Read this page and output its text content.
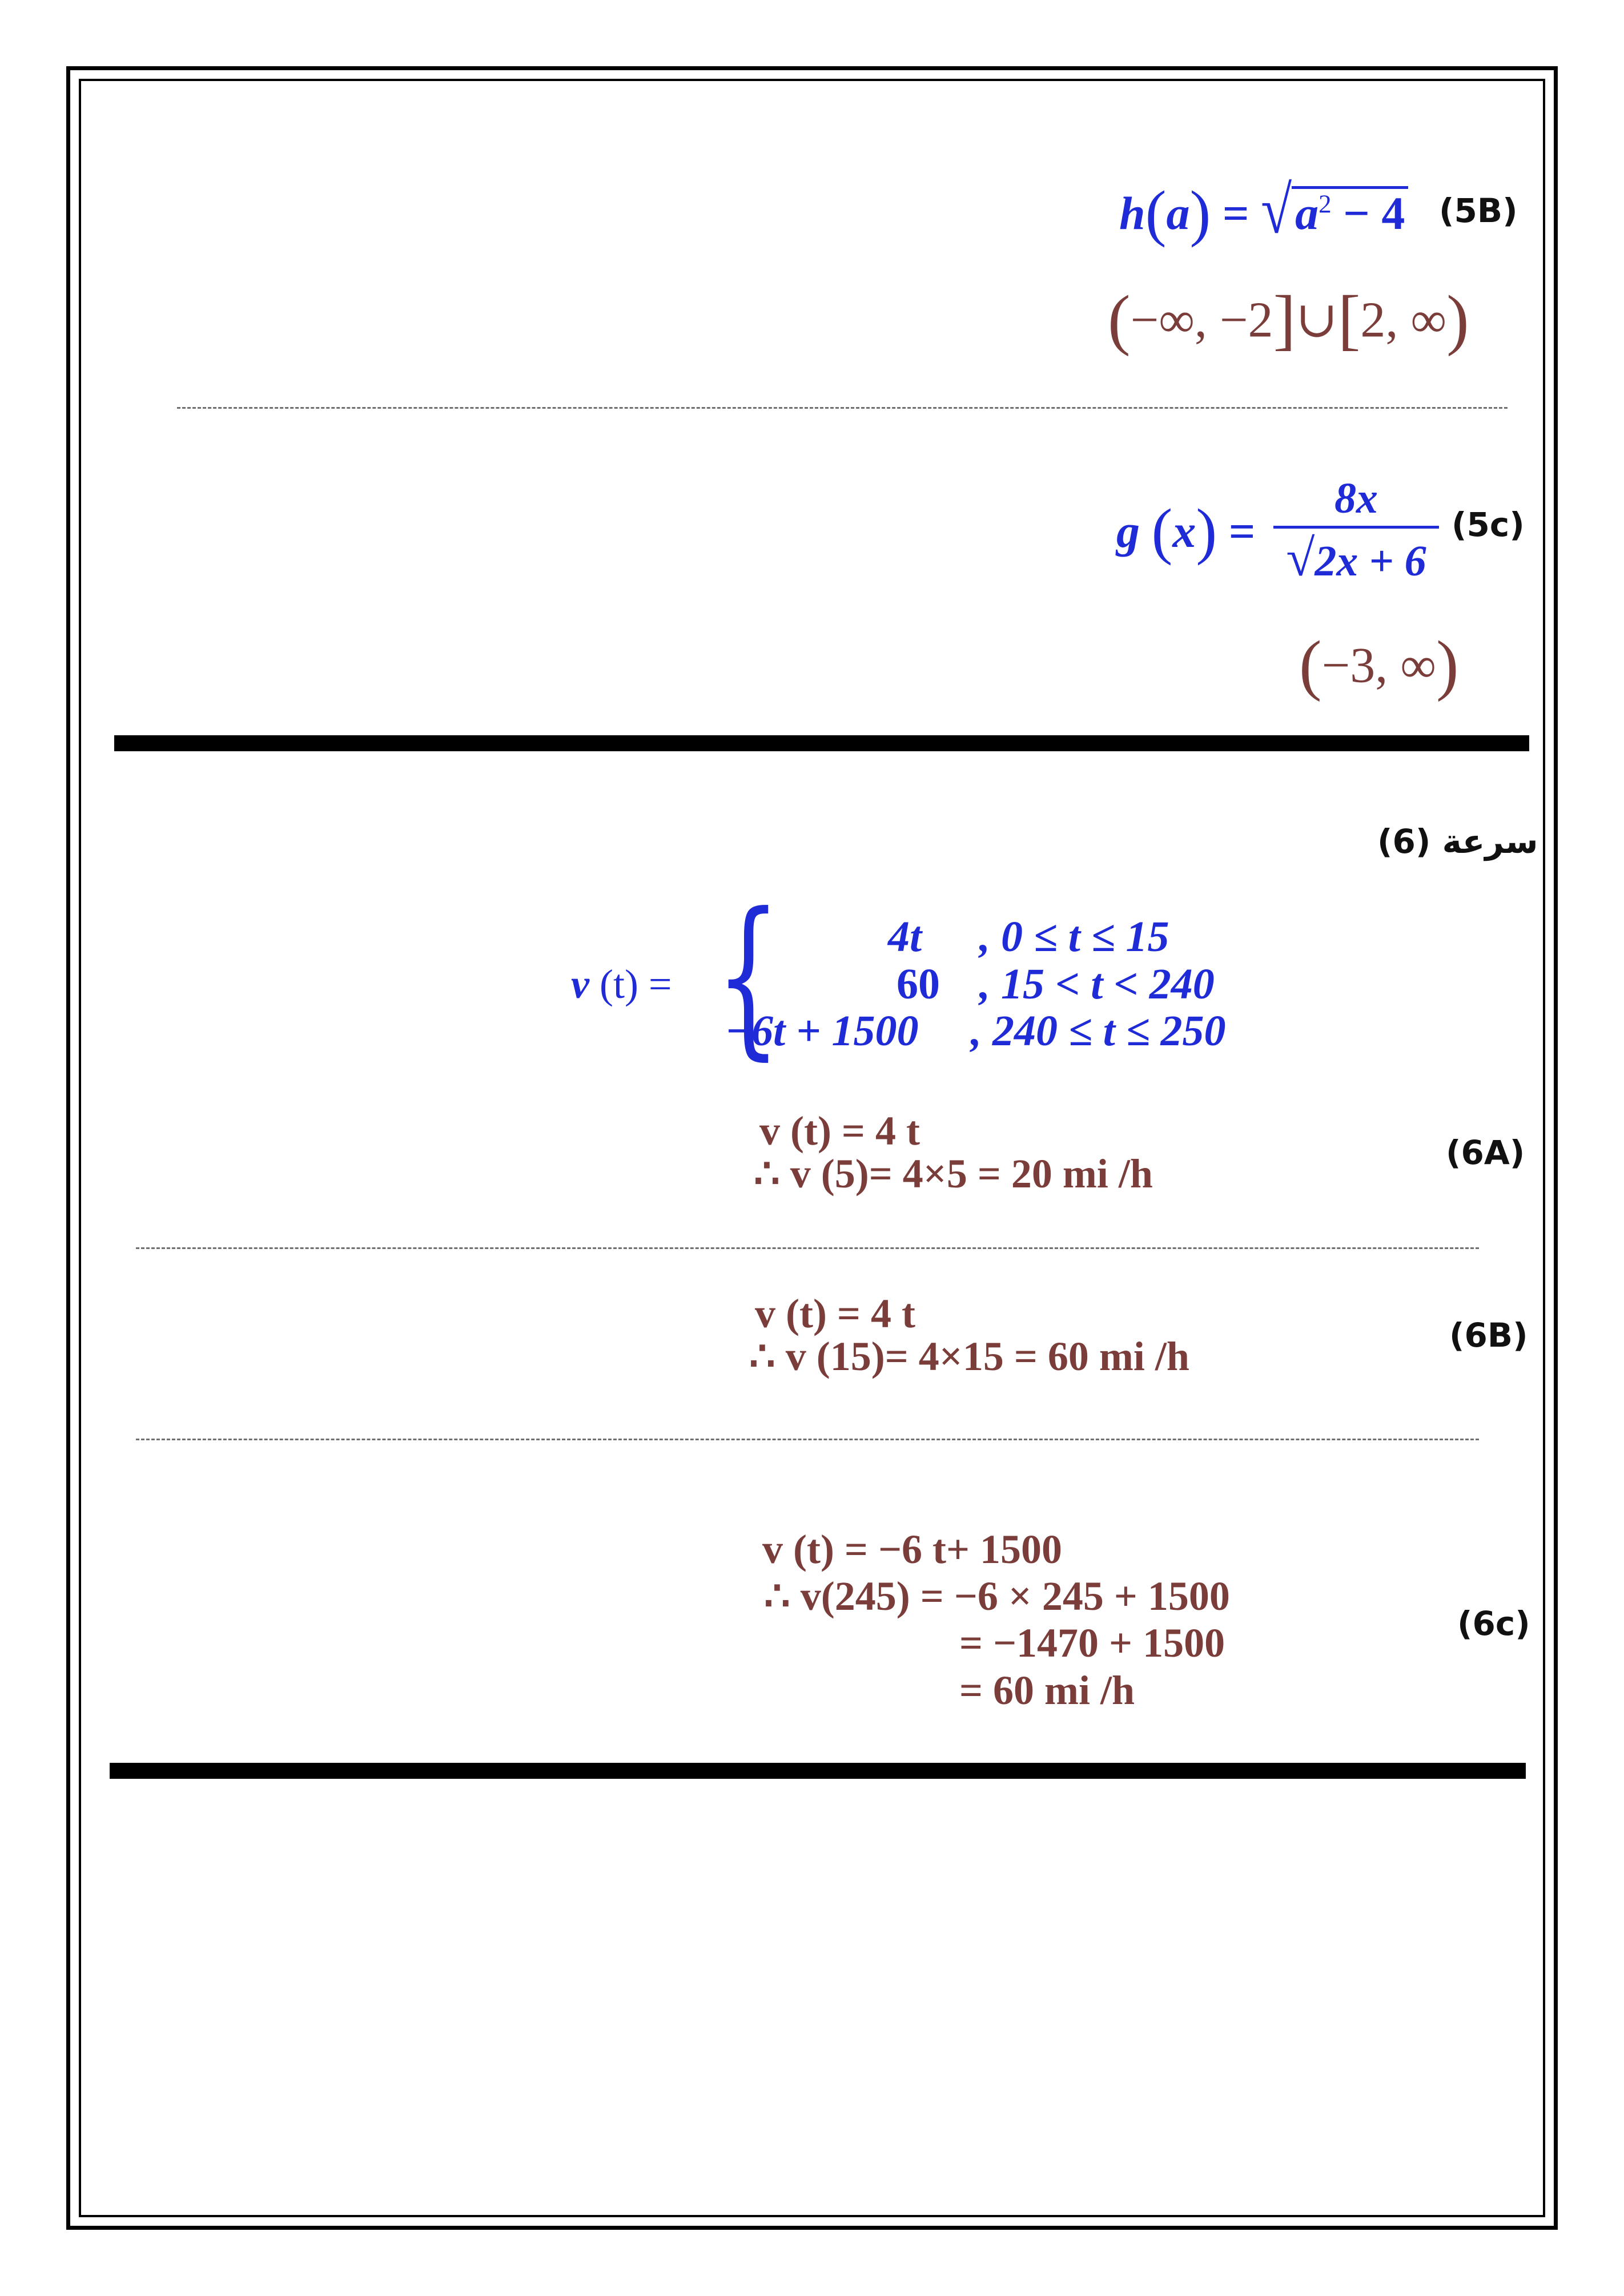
$h(a) = √a^2 - 4$ (5B)
(−∞, −2]∪[2, ∞)
g (x) =
8x
√2x + 6
(5c)
(−3, ∞)
سرعة (6)
v (t) = { 4t , 0 ≤ t ≤ 15
60 , 15 < t < 240
−6t + 1500 , 240 ≤ t ≤ 250
v (t) = 4 t
∴ v (5)= 4×5 = 20 mi /h	(6A)
v (t) = 4 t
∴ v (15)= 4×15 = 60 mi /h	(6B)
v (t) = −6 t+ 1500
∴ v(245) = −6 × 245 + 1500
= −1470 + 1500
= 60 mi /h
(6c)
